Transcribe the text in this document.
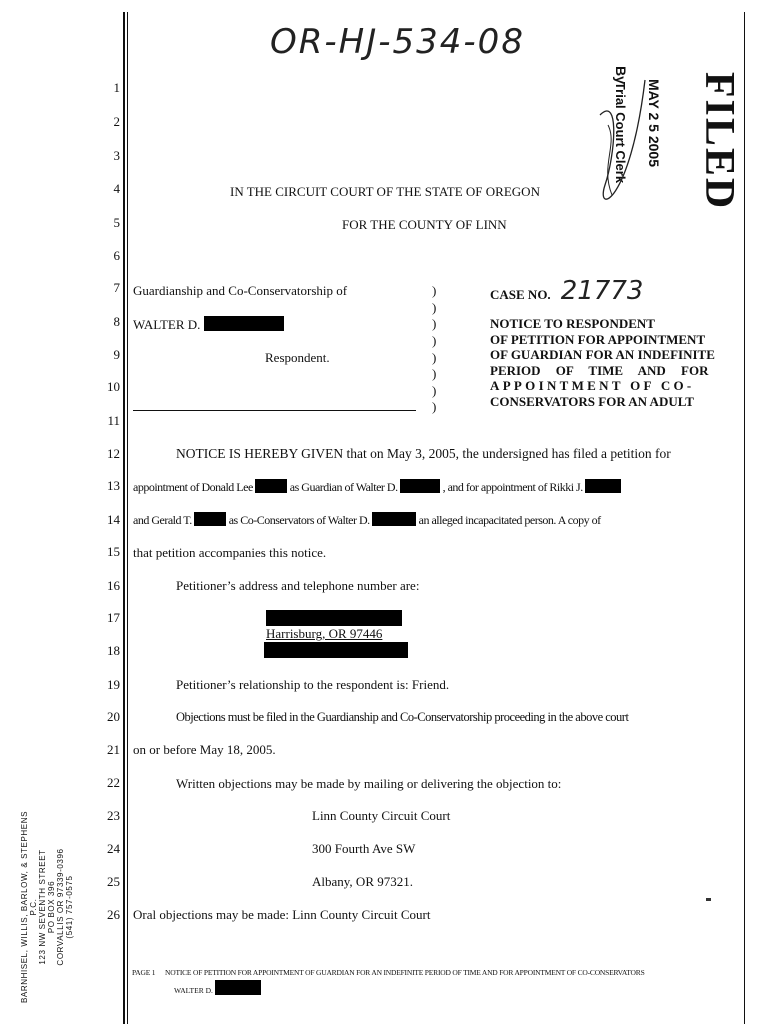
OR-HJ-534-08
FILED
MAY 2 5 2005
By
Trial Court Clerk
1
2
3
4
5
6
7
8
9
10
11
12
13
14
15
16
17
18
19
20
21
22
23
24
25
26
IN THE CIRCUIT COURT OF THE STATE OF OREGON
FOR THE COUNTY OF LINN
Guardianship and Co-Conservatorship of
WALTER D.
Respondent.
)
)
)
)
)
)
)
)
CASE NO. 21773
NOTICE TO RESPONDENT
OF PETITION FOR APPOINTMENT
OF GUARDIAN FOR AN INDEFINITE
PERIOD OF TIME AND FOR
APPOINTMENT OF CO-
CONSERVATORS FOR AN ADULT
NOTICE IS HEREBY GIVEN that on May 3, 2005, the undersigned has filed a petition for
appointment of Donald Lee	as Guardian of Walter D.	, and for appointment of Rikki J.
and Gerald T.	as Co-Conservators of Walter D.	an alleged incapacitated person. A copy of
that petition accompanies this notice.
Petitioner’s address and telephone number are:
Harrisburg, OR 97446
Petitioner’s relationship to the respondent is: Friend.
Objections must be filed in the Guardianship and Co-Conservatorship proceeding in the above court
on or before May 18, 2005.
Written objections may be made by mailing or delivering the objection to:
Linn County Circuit Court
300 Fourth Ave SW
Albany, OR 97321.
Oral objections may be made: Linn County Circuit Court
BARNHISEL, WILLIS, BARLOW, & STEPHENS P.C. 123 NW SEVENTH STREET PO BOX 396 CORVALLIS OR 97339-0396 (541) 757-0575
PAGE 1 NOTICE OF PETITION FOR APPOINTMENT OF GUARDIAN FOR AN INDEFINITE PERIOD OF TIME AND FOR APPOINTMENT OF CO-CONSERVATORS
WALTER D.
